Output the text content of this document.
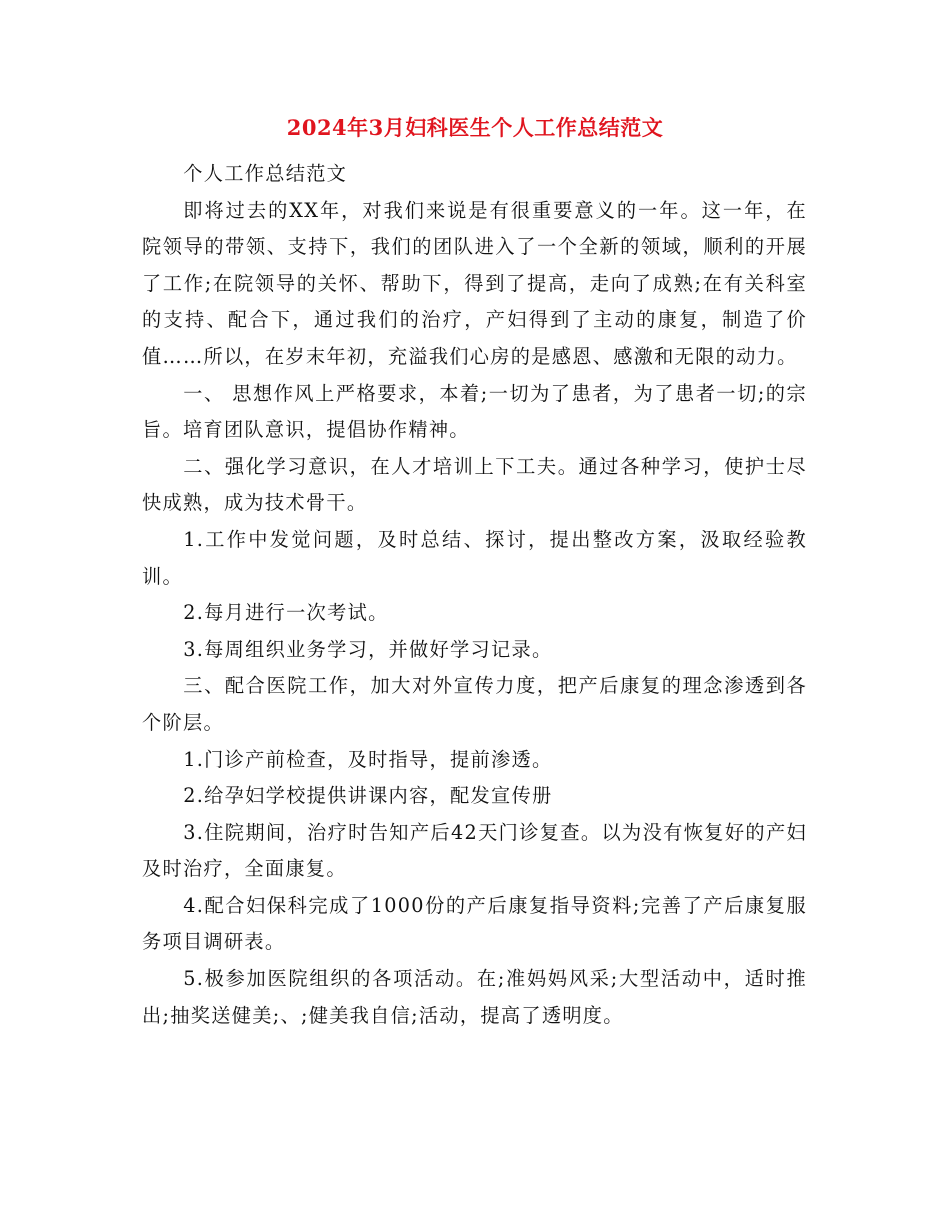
2024年3月妇科医生个人工作总结范文

个人工作总结范文

即将过去的XX年，对我们来说是有很重要意义的一年。这一年，在院领导的带领、支持下，我们的团队进入了一个全新的领域，顺利的开展了工作;在院领导的关怀、帮助下，得到了提高，走向了成熟;在有关科室的支持、配合下，通过我们的治疗，产妇得到了主动的康复，制造了价值……所以，在岁末年初，充溢我们心房的是感恩、感激和无限的动力。

一、 思想作风上严格要求，本着;一切为了患者，为了患者一切;的宗旨。培育团队意识，提倡协作精神。

二、强化学习意识，在人才培训上下工夫。通过各种学习，使护士尽快成熟，成为技术骨干。

1.工作中发觉问题，及时总结、探讨，提出整改方案，汲取经验教训。

2.每月进行一次考试。

3.每周组织业务学习，并做好学习记录。

三、配合医院工作，加大对外宣传力度，把产后康复的理念渗透到各个阶层。

1.门诊产前检查，及时指导，提前渗透。

2.给孕妇学校提供讲课内容，配发宣传册

3.住院期间，治疗时告知产后42天门诊复查。以为没有恢复好的产妇及时治疗，全面康复。

4.配合妇保科完成了1000份的产后康复指导资料;完善了产后康复服务项目调研表。

5.极参加医院组织的各项活动。在;准妈妈风采;大型活动中，适时推出;抽奖送健美;、;健美我自信;活动，提高了透明度。
